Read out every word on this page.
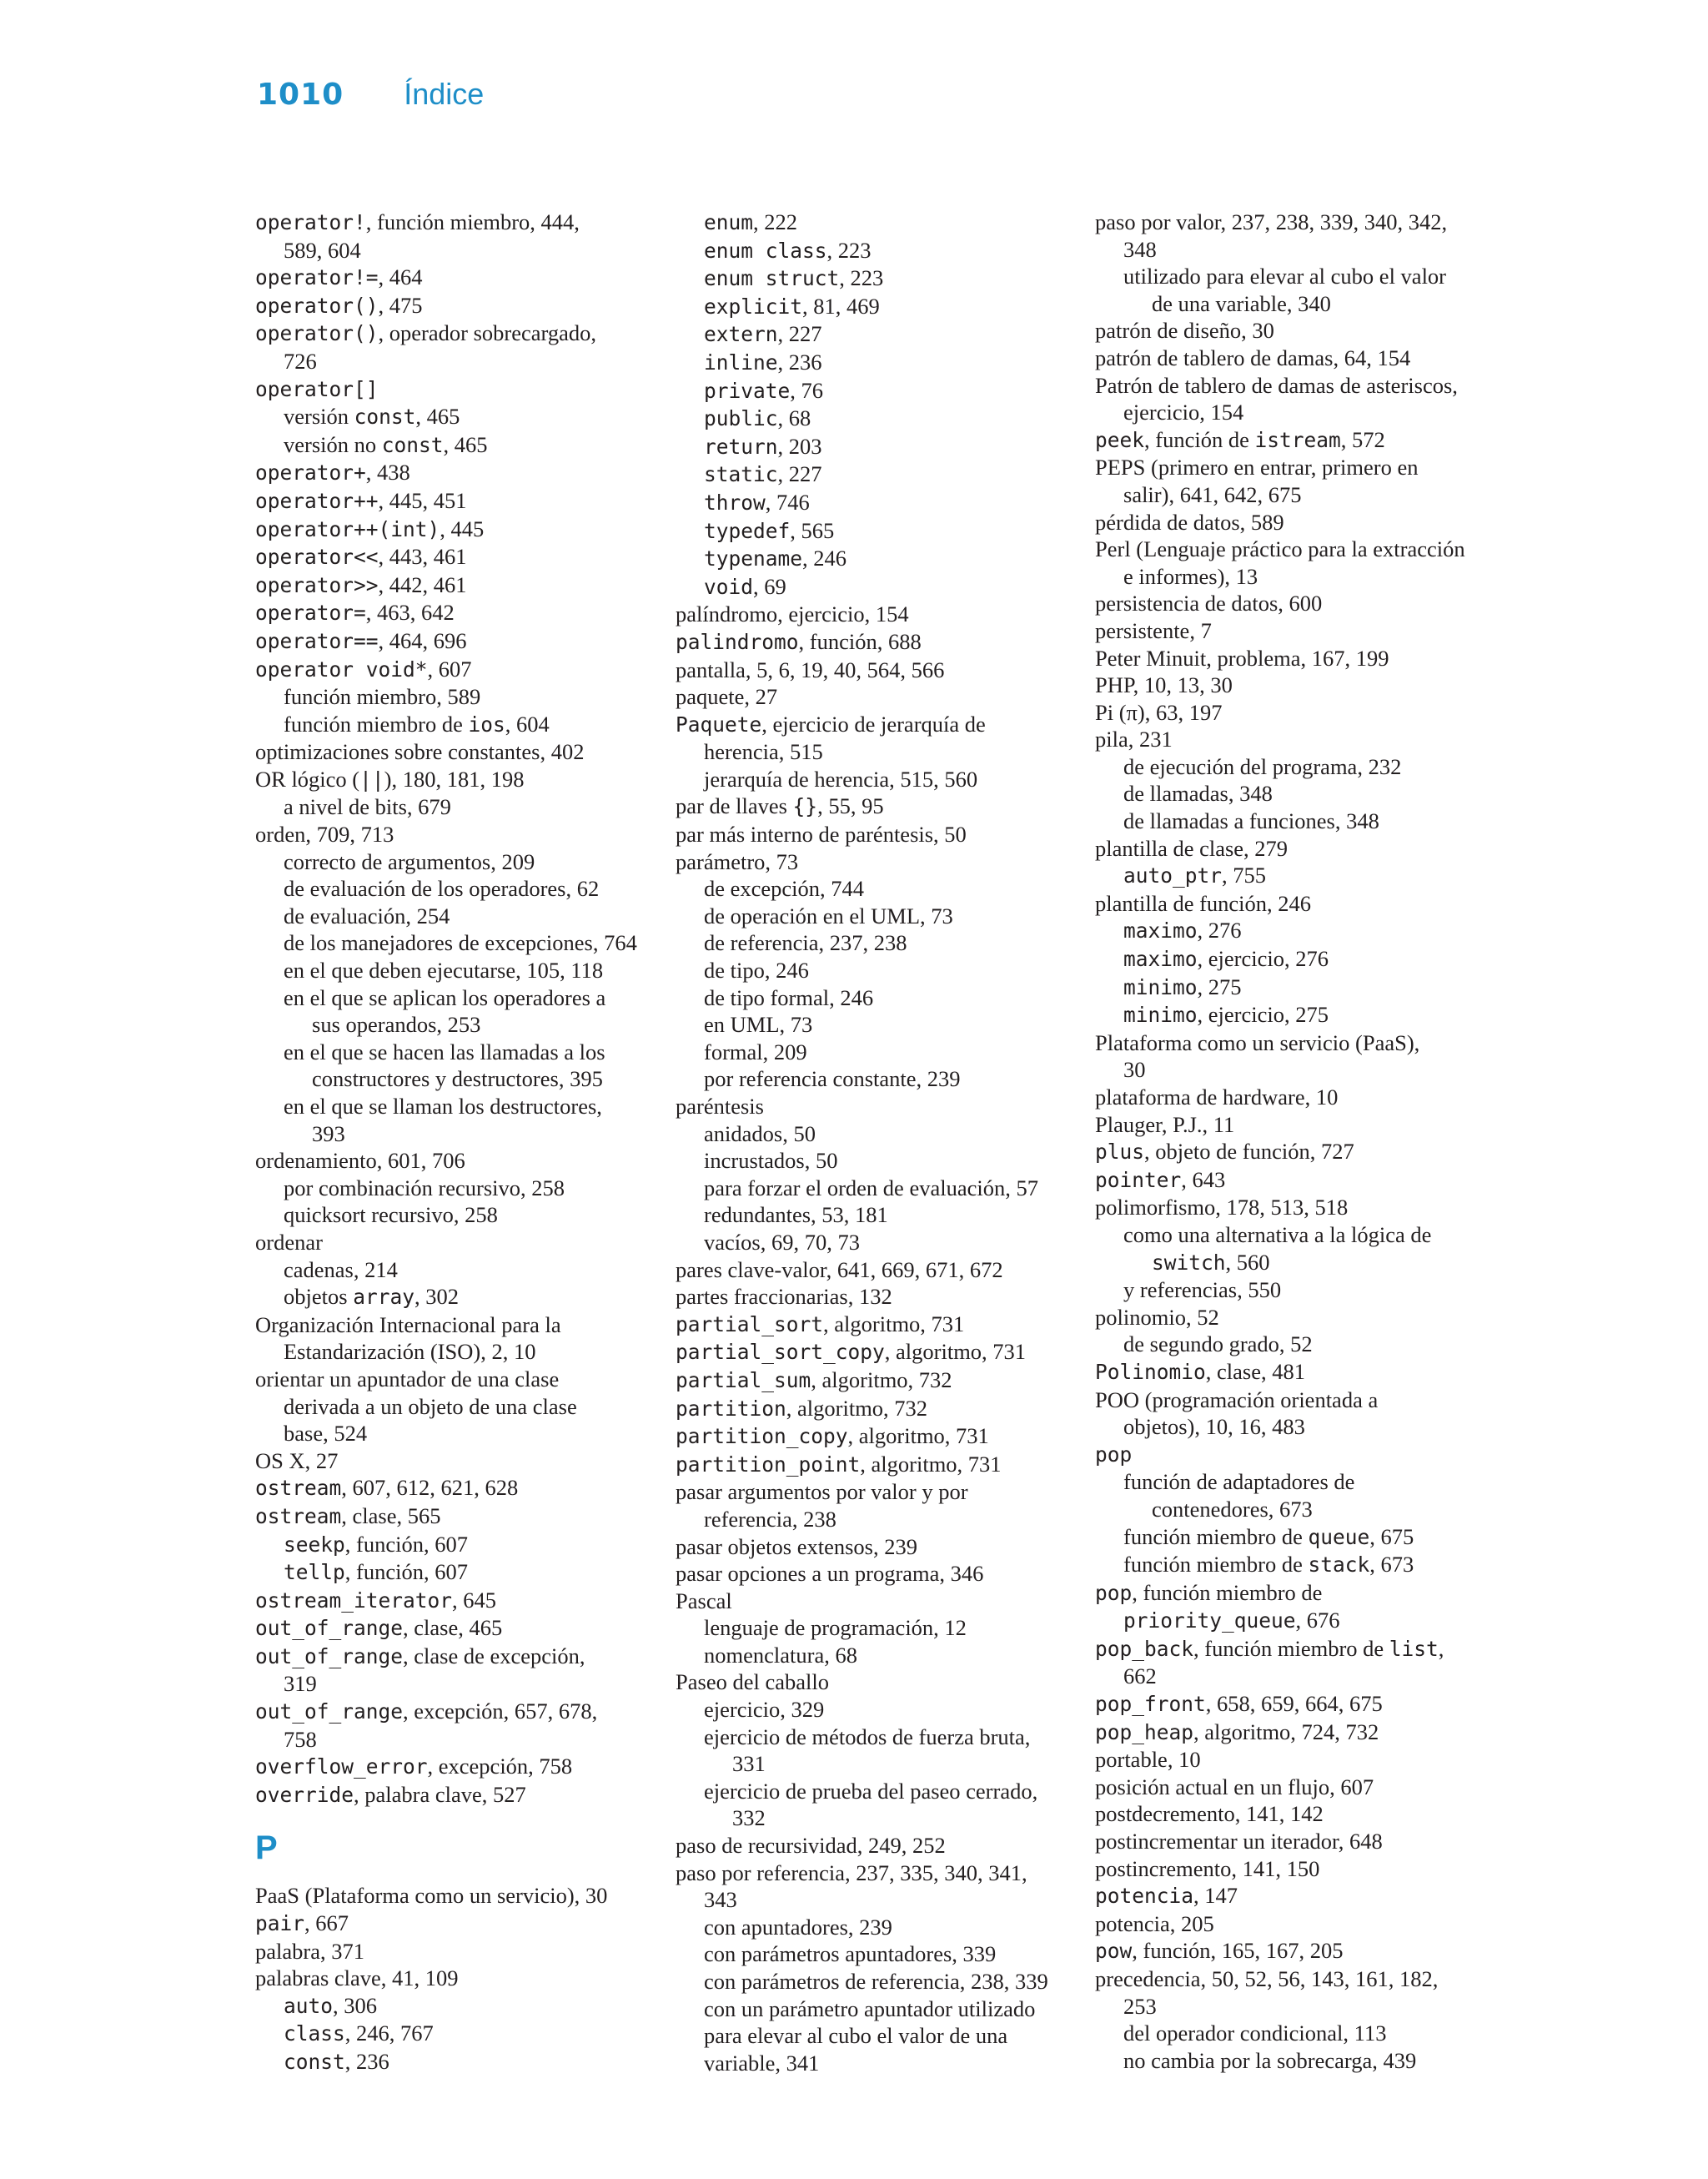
1010 Índice
operator!, función miembro, 444,
589, 604
operator!=, 464
operator(), 475
operator(), operador sobrecargado,
726
operator[]
versión const, 465
versión no const, 465
operator+, 438
operator++, 445, 451
operator++(int), 445
operator<<, 443, 461
operator>>, 442, 461
operator=, 463, 642
operator==, 464, 696
operator void*, 607
función miembro, 589
función miembro de ios, 604
optimizaciones sobre constantes, 402
OR lógico (||), 180, 181, 198
a nivel de bits, 679
orden, 709, 713
correcto de argumentos, 209
de evaluación de los operadores, 62
de evaluación, 254
de los manejadores de excepciones, 764
en el que deben ejecutarse, 105, 118
en el que se aplican los operadores a
sus operandos, 253
en el que se hacen las llamadas a los
constructores y destructores, 395
en el que se llaman los destructores,
393
ordenamiento, 601, 706
por combinación recursivo, 258
quicksort recursivo, 258
ordenar
cadenas, 214
objetos array, 302
Organización Internacional para la
Estandarización (ISO), 2, 10
orientar un apuntador de una clase
derivada a un objeto de una clase
base, 524
OS X, 27
ostream, 607, 612, 621, 628
ostream, clase, 565
seekp, función, 607
tellp, función, 607
ostream_iterator, 645
out_of_range, clase, 465
out_of_range, clase de excepción,
319
out_of_range, excepción, 657, 678,
758
overflow_error, excepción, 758
override, palabra clave, 527
P
PaaS (Plataforma como un servicio), 30
pair, 667
palabra, 371
palabras clave, 41, 109
auto, 306
class, 246, 767
const, 236
enum, 222
enum class, 223
enum struct, 223
explicit, 81, 469
extern, 227
inline, 236
private, 76
public, 68
return, 203
static, 227
throw, 746
typedef, 565
typename, 246
void, 69
palíndromo, ejercicio, 154
palindromo, función, 688
pantalla, 5, 6, 19, 40, 564, 566
paquete, 27
Paquete, ejercicio de jerarquía de
herencia, 515
jerarquía de herencia, 515, 560
par de llaves {}, 55, 95
par más interno de paréntesis, 50
parámetro, 73
de excepción, 744
de operación en el UML, 73
de referencia, 237, 238
de tipo, 246
de tipo formal, 246
en UML, 73
formal, 209
por referencia constante, 239
paréntesis
anidados, 50
incrustados, 50
para forzar el orden de evaluación, 57
redundantes, 53, 181
vacíos, 69, 70, 73
pares clave-valor, 641, 669, 671, 672
partes fraccionarias, 132
partial_sort, algoritmo, 731
partial_sort_copy, algoritmo, 731
partial_sum, algoritmo, 732
partition, algoritmo, 732
partition_copy, algoritmo, 731
partition_point, algoritmo, 731
pasar argumentos por valor y por
referencia, 238
pasar objetos extensos, 239
pasar opciones a un programa, 346
Pascal
lenguaje de programación, 12
nomenclatura, 68
Paseo del caballo
ejercicio, 329
ejercicio de métodos de fuerza bruta,
331
ejercicio de prueba del paseo cerrado,
332
paso de recursividad, 249, 252
paso por referencia, 237, 335, 340, 341,
343
con apuntadores, 239
con parámetros apuntadores, 339
con parámetros de referencia, 238, 339
con un parámetro apuntador utilizado
para elevar al cubo el valor de una
variable, 341
paso por valor, 237, 238, 339, 340, 342,
348
utilizado para elevar al cubo el valor
de una variable, 340
patrón de diseño, 30
patrón de tablero de damas, 64, 154
Patrón de tablero de damas de asteriscos,
ejercicio, 154
peek, función de istream, 572
PEPS (primero en entrar, primero en
salir), 641, 642, 675
pérdida de datos, 589
Perl (Lenguaje práctico para la extracción
e informes), 13
persistencia de datos, 600
persistente, 7
Peter Minuit, problema, 167, 199
PHP, 10, 13, 30
Pi (π), 63, 197
pila, 231
de ejecución del programa, 232
de llamadas, 348
de llamadas a funciones, 348
plantilla de clase, 279
auto_ptr, 755
plantilla de función, 246
maximo, 276
maximo, ejercicio, 276
minimo, 275
minimo, ejercicio, 275
Plataforma como un servicio (PaaS),
30
plataforma de hardware, 10
Plauger, P.J., 11
plus, objeto de función, 727
pointer, 643
polimorfismo, 178, 513, 518
como una alternativa a la lógica de
switch, 560
y referencias, 550
polinomio, 52
de segundo grado, 52
Polinomio, clase, 481
POO (programación orientada a
objetos), 10, 16, 483
pop
función de adaptadores de
contenedores, 673
función miembro de queue, 675
función miembro de stack, 673
pop, función miembro de
priority_queue, 676
pop_back, función miembro de list,
662
pop_front, 658, 659, 664, 675
pop_heap, algoritmo, 724, 732
portable, 10
posición actual en un flujo, 607
postdecremento, 141, 142
postincrementar un iterador, 648
postincremento, 141, 150
potencia, 147
potencia, 205
pow, función, 165, 167, 205
precedencia, 50, 52, 56, 143, 161, 182,
253
del operador condicional, 113
no cambia por la sobrecarga, 439
